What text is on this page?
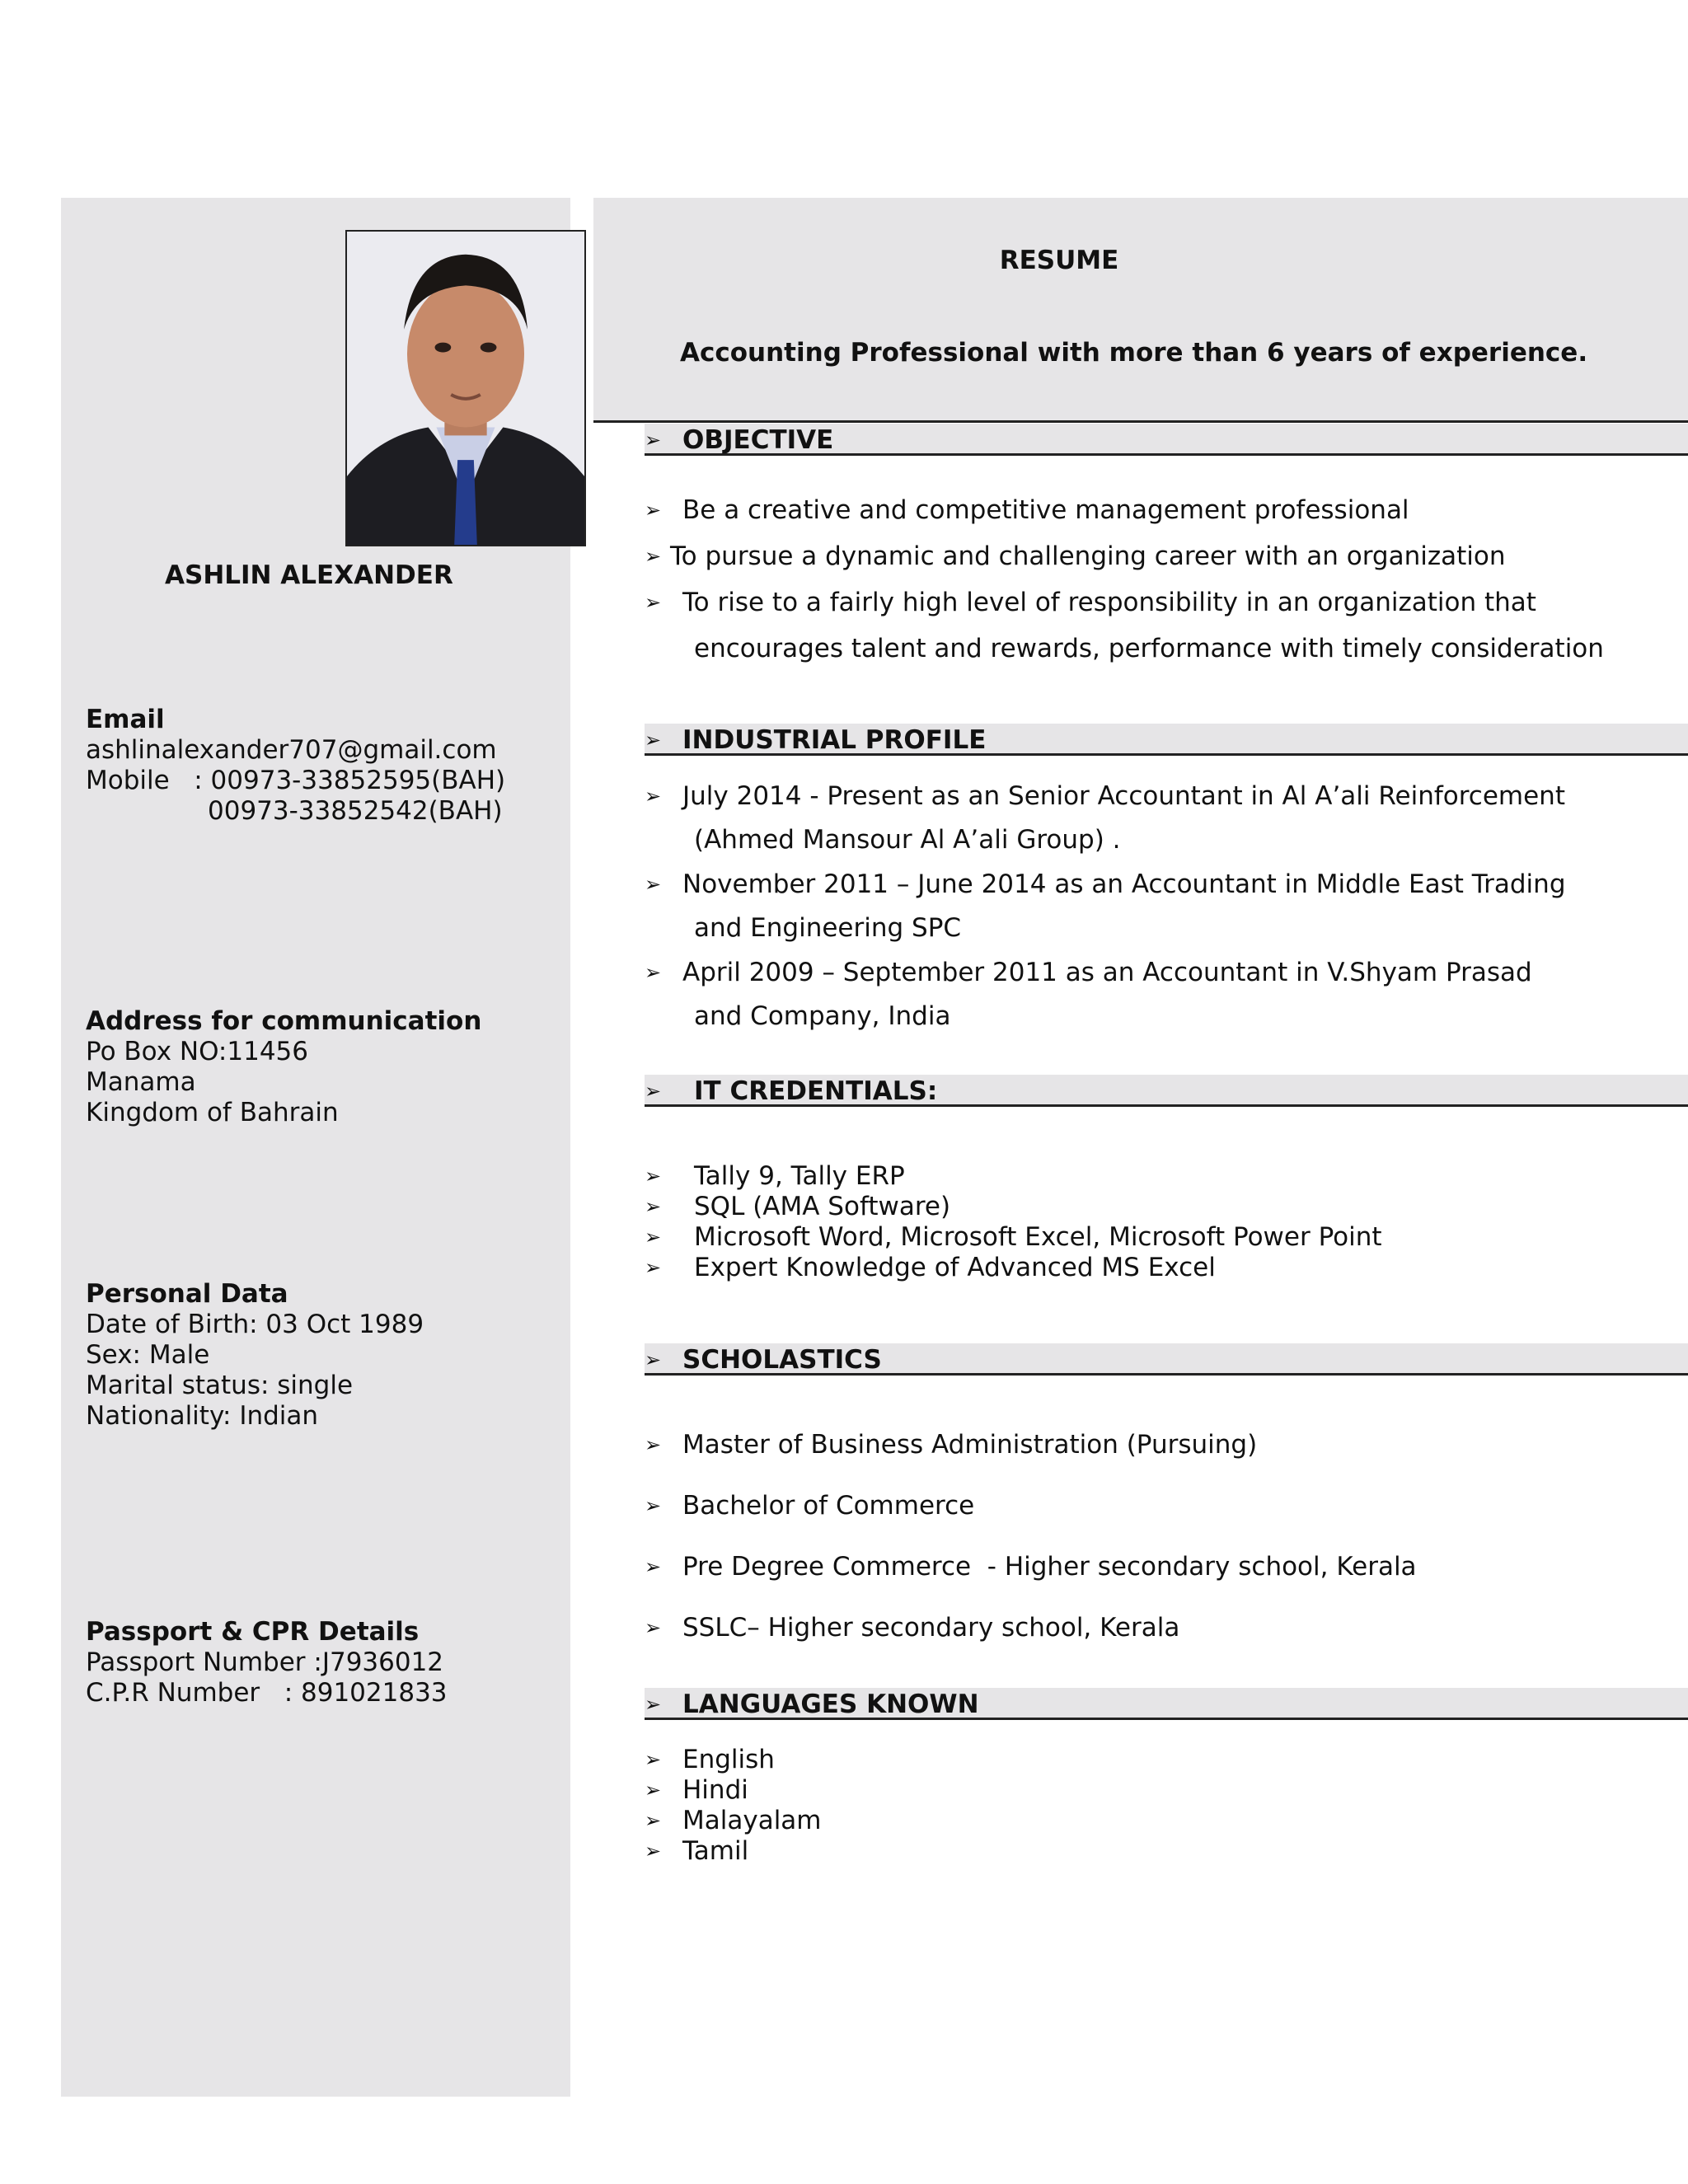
ASHLIN ALEXANDER
Email
ashlinalexander707@gmail.com
Mobile   : 00973-33852595(BAH)
00973-33852542(BAH)
Address for communication
Po Box NO:11456
Manama
Kingdom of Bahrain
Personal Data
Date of Birth: 03 Oct 1989
Sex: Male
Marital status: single
Nationality: Indian
Passport & CPR Details
Passport Number :J7936012
C.P.R Number   : 891021833
RESUME
Accounting Professional with more than 6 years of experience.
➢ OBJECTIVE
➢ Be a creative and competitive management professional
➢ To pursue a dynamic and challenging career with an organization
➢ To rise to a fairly high level of responsibility in an organization that
encourages talent and rewards, performance with timely consideration
➢ INDUSTRIAL PROFILE
➢ July 2014 - Present as an Senior Accountant in Al A’ali Reinforcement
(Ahmed Mansour Al A’ali Group) .
➢ November 2011 – June 2014 as an Accountant in Middle East Trading
and Engineering SPC
➢ April 2009 – September 2011 as an Accountant in V.Shyam Prasad
and Company, India
➢ IT CREDENTIALS:
➢ Tally 9, Tally ERP
➢ SQL (AMA Software)
➢ Microsoft Word, Microsoft Excel, Microsoft Power Point
➢ Expert Knowledge of Advanced MS Excel
➢ SCHOLASTICS
➢ Master of Business Administration (Pursuing)
➢ Bachelor of Commerce
➢ Pre Degree Commerce  - Higher secondary school, Kerala
➢ SSLC– Higher secondary school, Kerala
➢ LANGUAGES KNOWN
➢ English
➢ Hindi
➢ Malayalam
➢ Tamil
